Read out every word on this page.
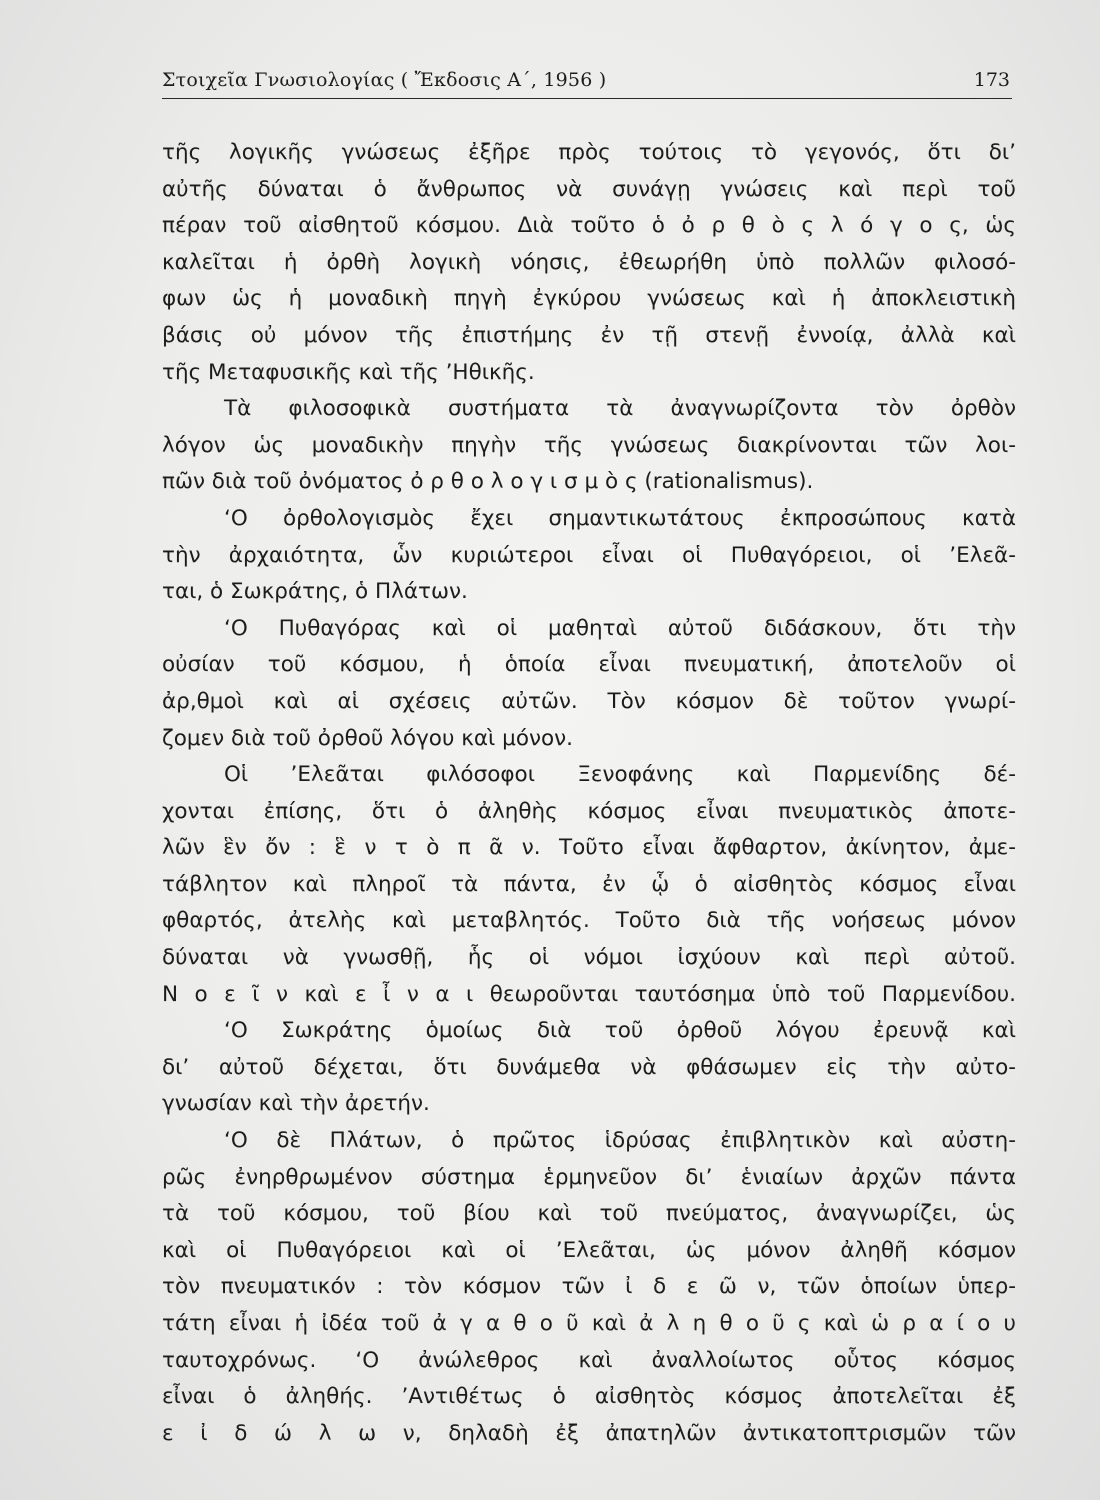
Στοιχεῖα Γνωσιολογίας ( Ἔκδοσις Α΄, 1956 )	173
τῆς λογικῆς γνώσεως ἐξῆρε πρὸς τούτοις τὸ γεγονός, ὅτι δι’
αὐτῆς δύναται ὁ ἄνθρωπος νὰ συνάγῃ γνώσεις καὶ περὶ τοῦ
πέραν τοῦ αἰσθητοῦ κόσμου. Διὰ τοῦτο ὁ ὀ ρ θ ὸ ς λ ό γ ο ς, ὡς
καλεῖται ἡ ὀρθὴ λογικὴ νόησις, ἐθεωρήθη ὑπὸ πολλῶν φιλοσό-
φων ὡς ἡ μοναδικὴ πηγὴ ἐγκύρου γνώσεως καὶ ἡ ἀποκλειστικὴ
βάσις οὐ μόνον τῆς ἐπιστήμης ἐν τῇ στενῇ ἐννοίᾳ, ἀλλὰ καὶ
τῆς Μεταφυσικῆς καὶ τῆς ’Ηθικῆς.
Τὰ φιλοσοφικὰ συστήματα τὰ ἀναγνωρίζοντα τὸν ὀρθὸν
λόγον ὡς μοναδικὴν πηγὴν τῆς γνώσεως διακρίνονται τῶν λοι-
πῶν διὰ τοῦ ὀνόματος ὀ ρ θ ο λ ο γ ι σ μ ὸ ς (rationalismus).
‘Ο ὀρθολογισμὸς ἔχει σημαντικωτάτους ἐκπροσώπους κατὰ
τὴν ἀρχαιότητα, ὧν κυριώτεροι εἶναι οἱ Πυθαγόρειοι, οἱ ’Ελεᾶ-
ται, ὁ Σωκράτης, ὁ Πλάτων.
‘Ο Πυθαγόρας καὶ οἱ μαθηταὶ αὐτοῦ διδάσκουν, ὅτι τὴν
οὐσίαν τοῦ κόσμου, ἡ ὁποία εἶναι πνευματική, ἀποτελοῦν οἱ
ἀρ,θμοὶ καὶ αἱ σχέσεις αὐτῶν. Τὸν κόσμον δὲ τοῦτον γνωρί-
ζομεν διὰ τοῦ ὀρθοῦ λόγου καὶ μόνον.
Οἱ ’Ελεᾶται φιλόσοφοι Ξενοφάνης καὶ Παρμενίδης δέ-
χονται ἐπίσης, ὅτι ὁ ἀληθὴς κόσμος εἶναι πνευματικὸς ἀποτε-
λῶν ἓν ὄν : ἓ ν τ ὸ π ᾶ ν. Τοῦτο εἶναι ἄφθαρτον, ἀκίνητον, ἀμε-
τάβλητον καὶ πληροῖ τὰ πάντα, ἐν ᾧ ὁ αἰσθητὸς κόσμος εἶναι
φθαρτός, ἀτελὴς καὶ μεταβλητός. Τοῦτο διὰ τῆς νοήσεως μόνον
δύναται νὰ γνωσθῇ, ἧς οἱ νόμοι ἰσχύουν καὶ περὶ αὐτοῦ.
Ν ο ε ῖ ν καὶ ε ἶ ν α ι θεωροῦνται ταυτόσημα ὑπὸ τοῦ Παρμενίδου.
‘Ο Σωκράτης ὁμοίως διὰ τοῦ ὀρθοῦ λόγου ἐρευνᾷ καὶ
δι’ αὐτοῦ δέχεται, ὅτι δυνάμεθα νὰ φθάσωμεν εἰς τὴν αὐτο-
γνωσίαν καὶ τὴν ἀρετήν.
‘Ο δὲ Πλάτων, ὁ πρῶτος ἱδρύσας ἐπιβλητικὸν καὶ αὐστη-
ρῶς ἐνηρθρωμένον σύστημα ἑρμηνεῦον δι’ ἑνιαίων ἀρχῶν πάντα
τὰ τοῦ κόσμου, τοῦ βίου καὶ τοῦ πνεύματος, ἀναγνωρίζει, ὡς
καὶ οἱ Πυθαγόρειοι καὶ οἱ ’Ελεᾶται, ὡς μόνον ἀληθῆ κόσμον
τὸν πνευματικόν : τὸν κόσμον τῶν ἰ δ ε ῶ ν, τῶν ὁποίων ὑπερ-
τάτη εἶναι ἡ ἰδέα τοῦ ἀ γ α θ ο ῦ καὶ ἀ λ η θ ο ῦ ς καὶ ὡ ρ α ί ο υ
ταυτοχρόνως. ‘Ο ἀνώλεθρος καὶ ἀναλλοίωτος οὗτος κόσμος
εἶναι ὁ ἀληθής. ’Αντιθέτως ὁ αἰσθητὸς κόσμος ἀποτελεῖται ἐξ
ε ἰ δ ώ λ ω ν, δηλαδὴ ἐξ ἀπατηλῶν ἀντικατοπτρισμῶν τῶν
